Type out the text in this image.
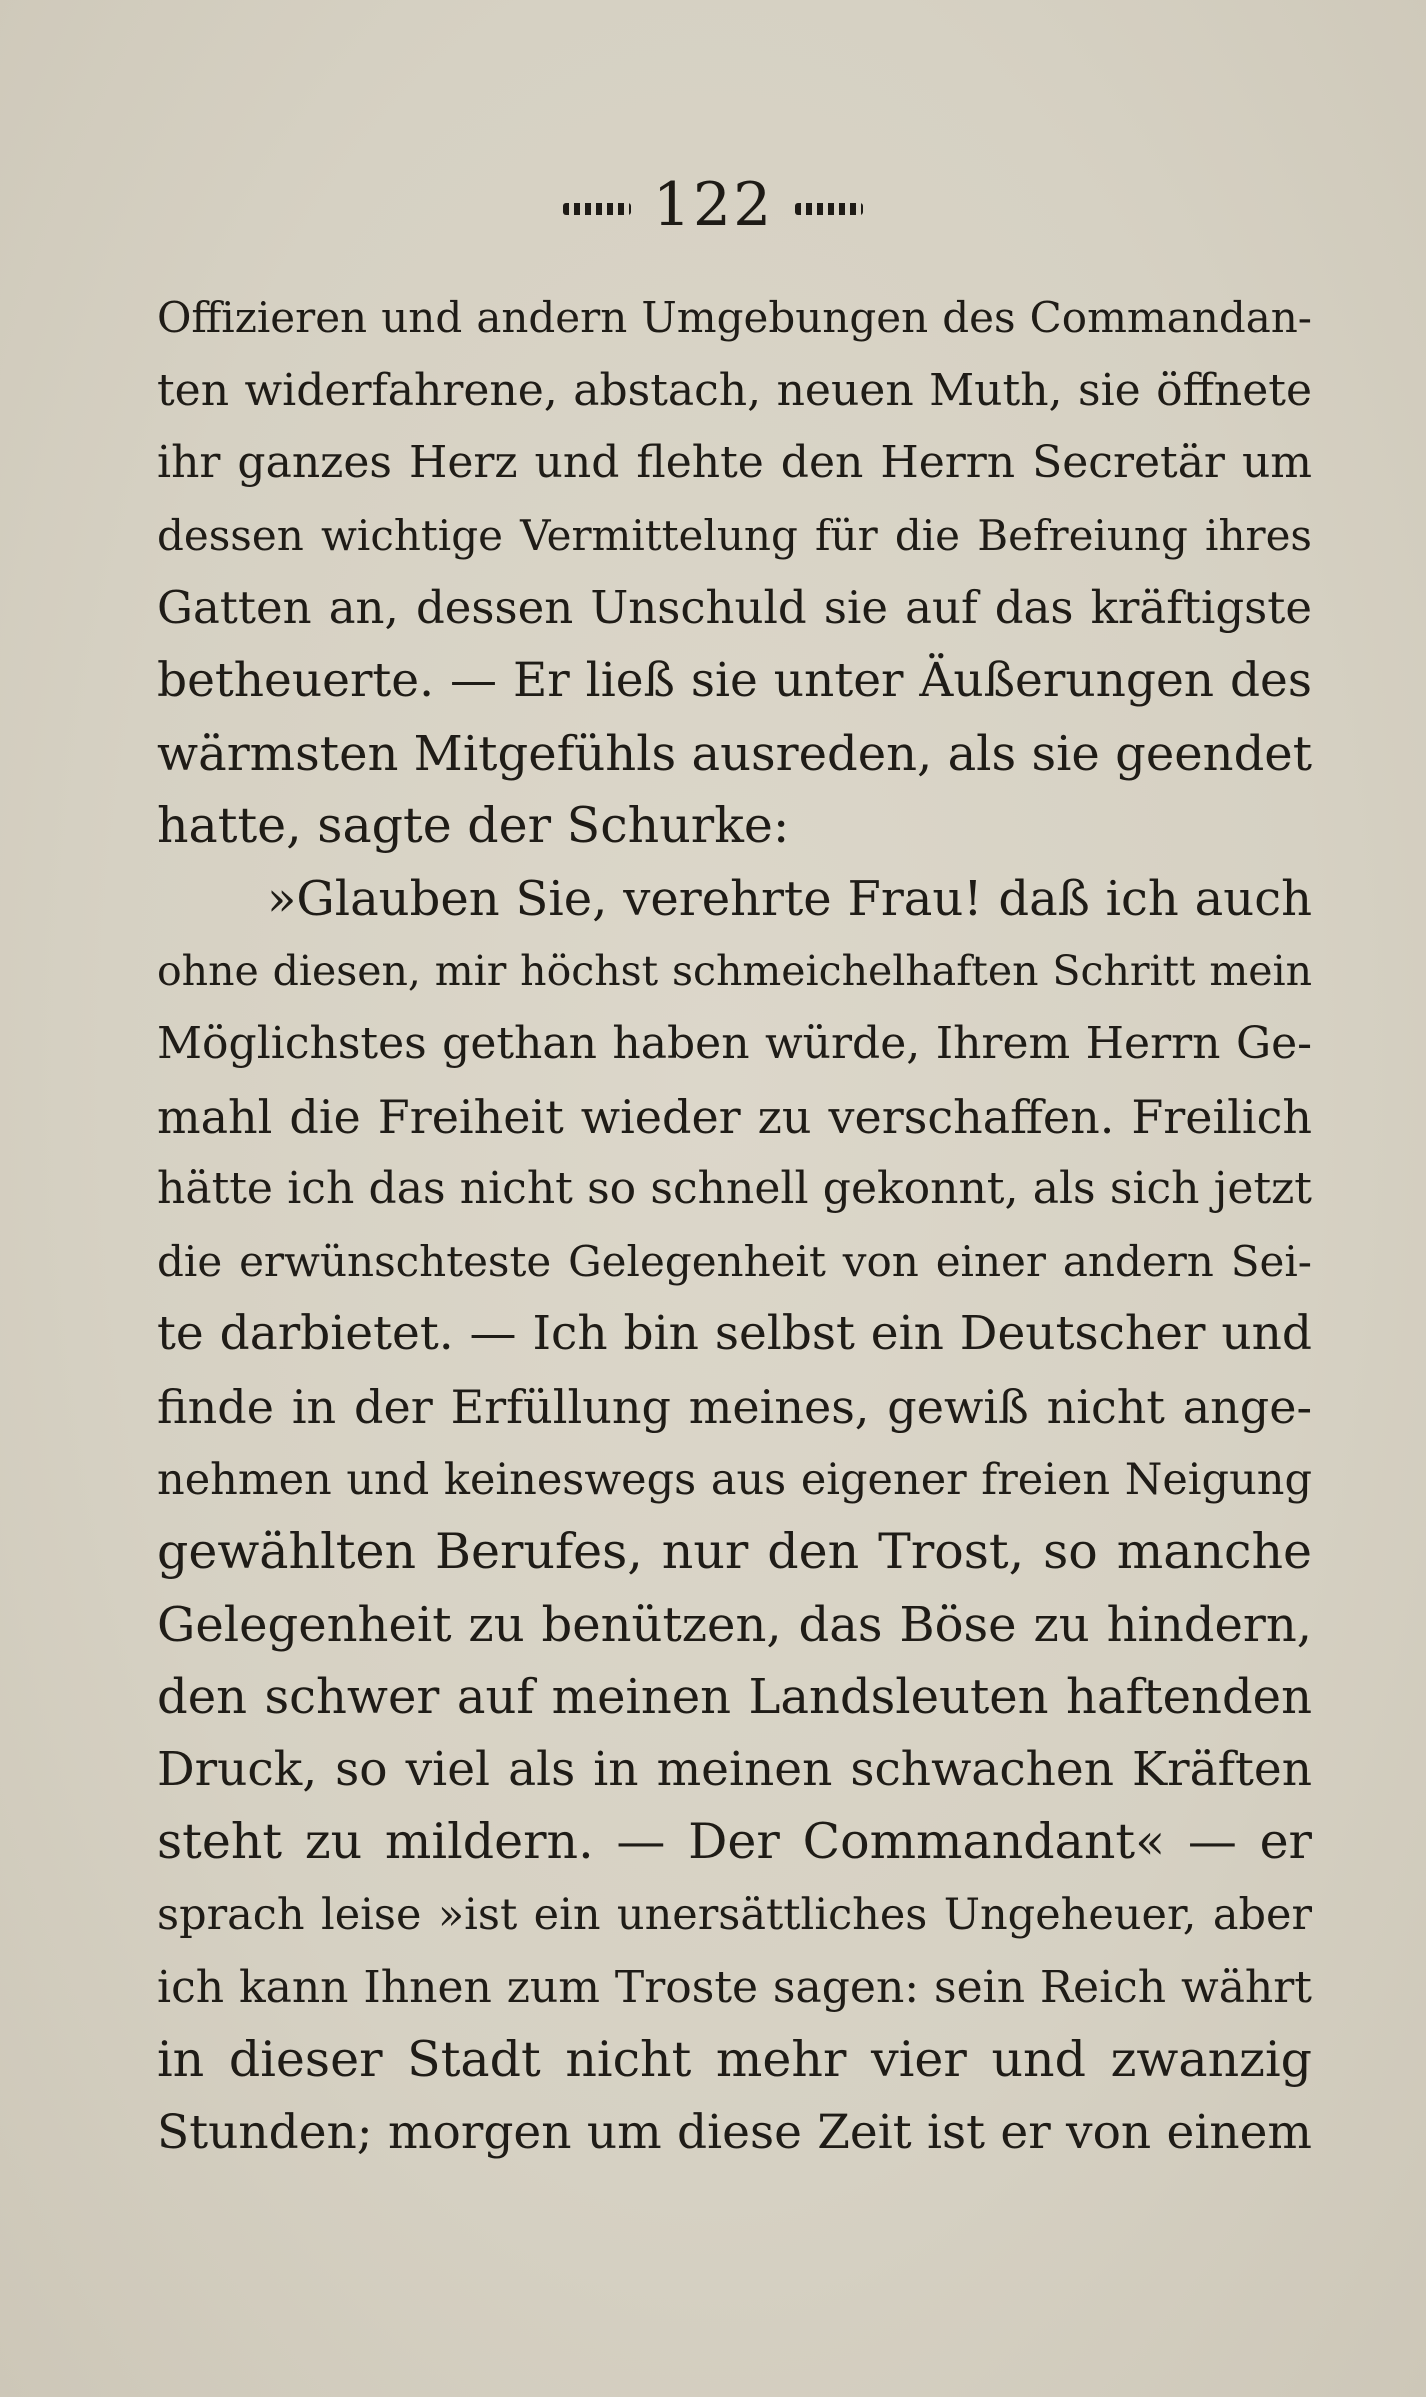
122
Offizieren und andern Umgebungen des Commandan-
ten widerfahrene, abstach, neuen Muth, sie öffnete
ihr ganzes Herz und flehte den Herrn Secretär um
dessen wichtige Vermittelung für die Befreiung ihres
Gatten an, dessen Unschuld sie auf das kräftigste
betheuerte. — Er ließ sie unter Äußerungen des
wärmsten Mitgefühls ausreden, als sie geendet
hatte, sagte der Schurke:
»Glauben Sie, verehrte Frau! daß ich auch
ohne diesen, mir höchst schmeichelhaften Schritt mein
Möglichstes gethan haben würde, Ihrem Herrn Ge-
mahl die Freiheit wieder zu verschaffen. Freilich
hätte ich das nicht so schnell gekonnt, als sich jetzt
die erwünschteste Gelegenheit von einer andern Sei-
te darbietet. — Ich bin selbst ein Deutscher und
finde in der Erfüllung meines, gewiß nicht ange-
nehmen und keineswegs aus eigener freien Neigung
gewählten Berufes, nur den Trost, so manche
Gelegenheit zu benützen, das Böse zu hindern,
den schwer auf meinen Landsleuten haftenden
Druck, so viel als in meinen schwachen Kräften
steht zu mildern. — Der Commandant« — er
sprach leise »ist ein unersättliches Ungeheuer, aber
ich kann Ihnen zum Troste sagen: sein Reich währt
in dieser Stadt nicht mehr vier und zwanzig
Stunden; morgen um diese Zeit ist er von einem
